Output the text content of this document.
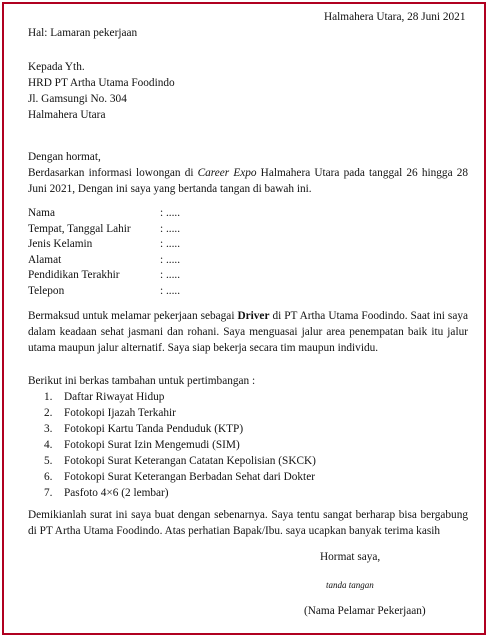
Halmahera Utara, 28 Juni 2021
Hal: Lamaran pekerjaan
Kepada Yth.
HRD PT Artha Utama Foodindo
Jl. Gamsungi No. 304
Halmahera Utara
Dengan hormat,
Berdasarkan informasi lowongan di Career Expo Halmahera Utara pada tanggal 26 hingga 28 Juni 2021, Dengan ini saya yang bertanda tangan di bawah ini.
Nama	: .....
Tempat, Tanggal Lahir	: .....
Jenis Kelamin	: .....
Alamat	: .....
Pendidikan Terakhir	: .....
Telepon	: .....
Bermaksud untuk melamar pekerjaan sebagai Driver di PT Artha Utama Foodindo. Saat ini saya dalam keadaan sehat jasmani dan rohani. Saya menguasai jalur area penempatan baik itu jalur utama maupun jalur alternatif. Saya siap bekerja secara tim maupun individu.
Berikut ini berkas tambahan untuk pertimbangan :
1. Daftar Riwayat Hidup
2. Fotokopi Ijazah Terkahir
3. Fotokopi Kartu Tanda Penduduk (KTP)
4. Fotokopi Surat Izin Mengemudi (SIM)
5. Fotokopi Surat Keterangan Catatan Kepolisian (SKCK)
6. Fotokopi Surat Keterangan Berbadan Sehat dari Dokter
7. Pasfoto 4×6 (2 lembar)
Demikianlah surat ini saya buat dengan sebenarnya. Saya tentu sangat berharap bisa bergabung di PT Artha Utama Foodindo. Atas perhatian Bapak/Ibu. saya ucapkan banyak terima kasih
Hormat saya,
tanda tangan
(Nama Pelamar Pekerjaan)
